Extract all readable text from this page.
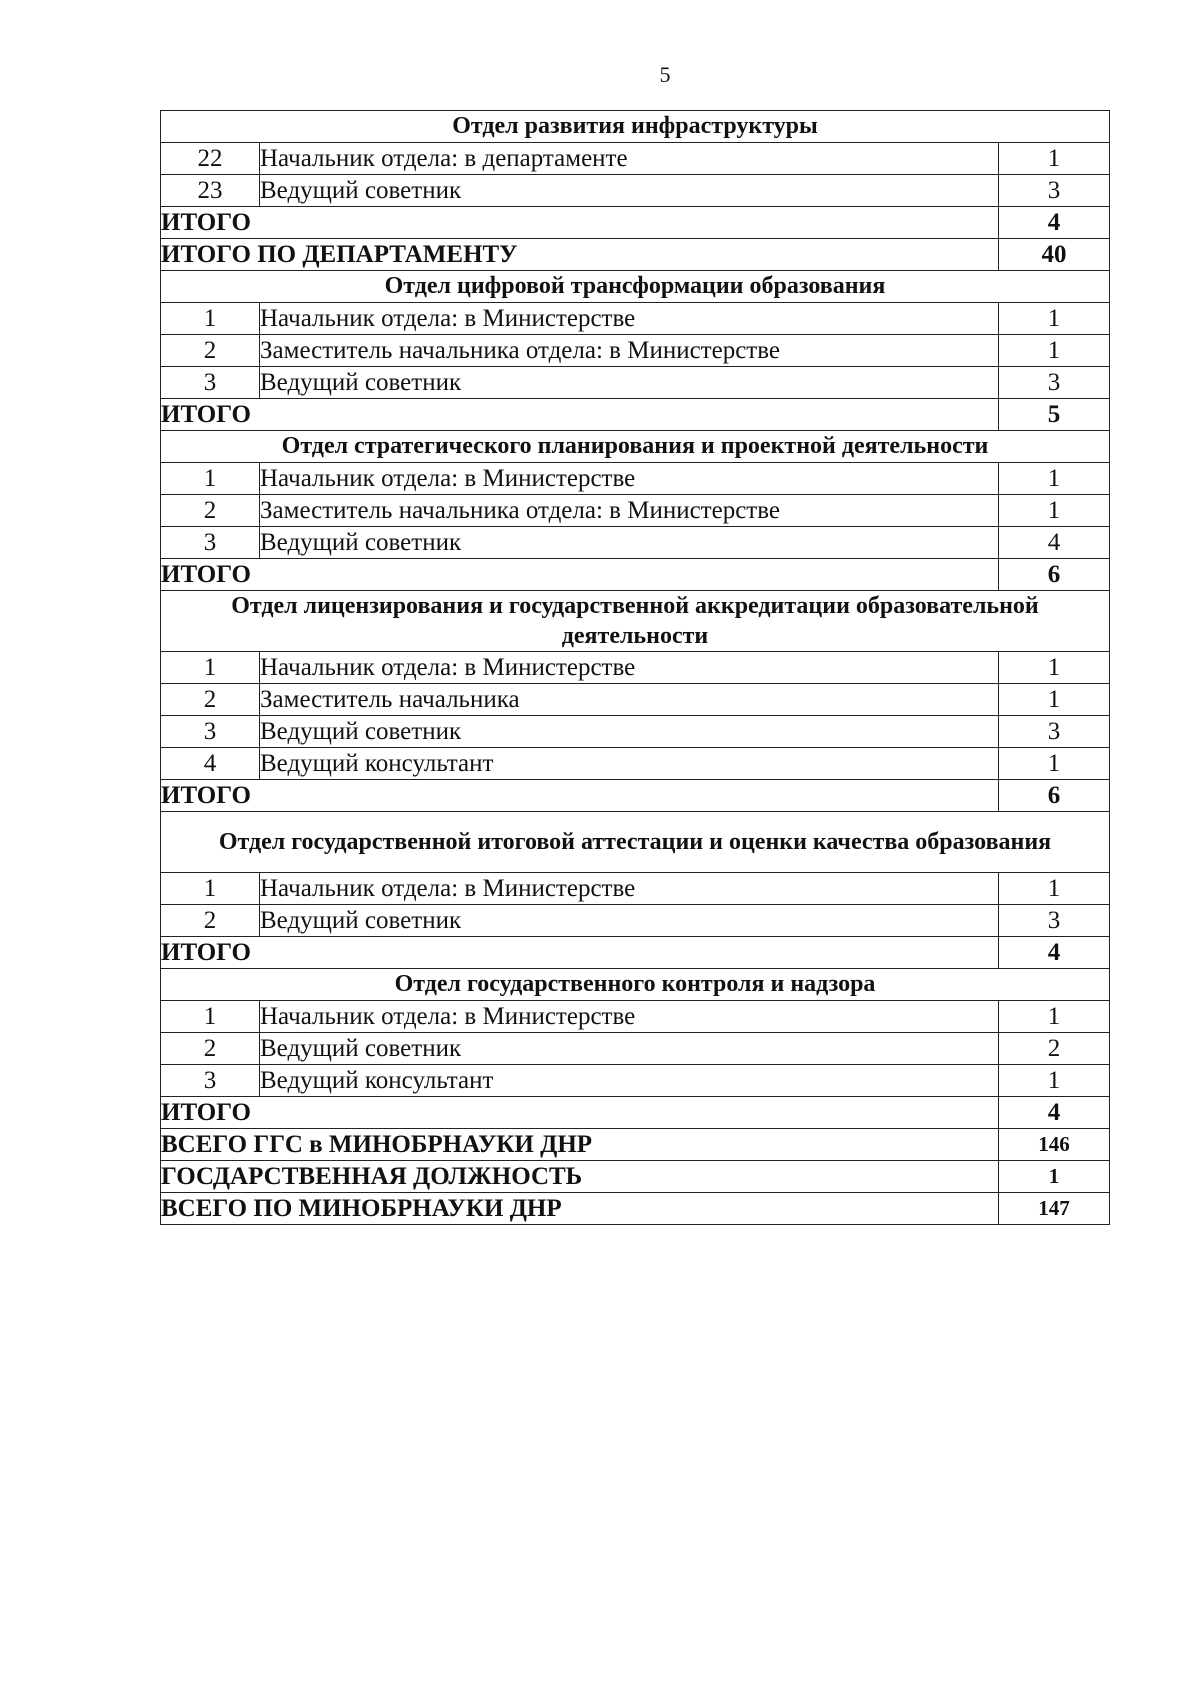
5
Отдел развития инфраструктуры		
22	Начальник отдела: в департаменте	1
23	Ведущий советник	3
ИТОГО		4
ИТОГО ПО ДЕПАРТАМЕНТУ		40
Отдел цифровой трансформации образования		
1	Начальник отдела: в Министерстве	1
2	Заместитель начальника отдела: в Министерстве	1
3	Ведущий советник	3
ИТОГО		5
Отдел стратегического планирования и проектной деятельности		
1	Начальник отдела: в Министерстве	1
2	Заместитель начальника отдела: в Министерстве	1
3	Ведущий советник	4
ИТОГО		6
Отдел лицензирования и государственной аккредитации образовательной деятельности		
1	Начальник отдела: в Министерстве	1
2	Заместитель начальника	1
3	Ведущий советник	3
4	Ведущий консультант	1
ИТОГО		6
Отдел государственной итоговой аттестации и оценки качества образования		
1	Начальник отдела: в Министерстве	1
2	Ведущий советник	3
ИТОГО		4
Отдел государственного контроля и надзора		
1	Начальник отдела: в Министерстве	1
2	Ведущий советник	2
3	Ведущий консультант	1
ИТОГО		4
ВСЕГО ГГС в МИНОБРНАУКИ ДНР		146
ГОСДАРСТВЕННАЯ ДОЛЖНОСТЬ		1
ВСЕГО ПО МИНОБРНАУКИ ДНР		147
